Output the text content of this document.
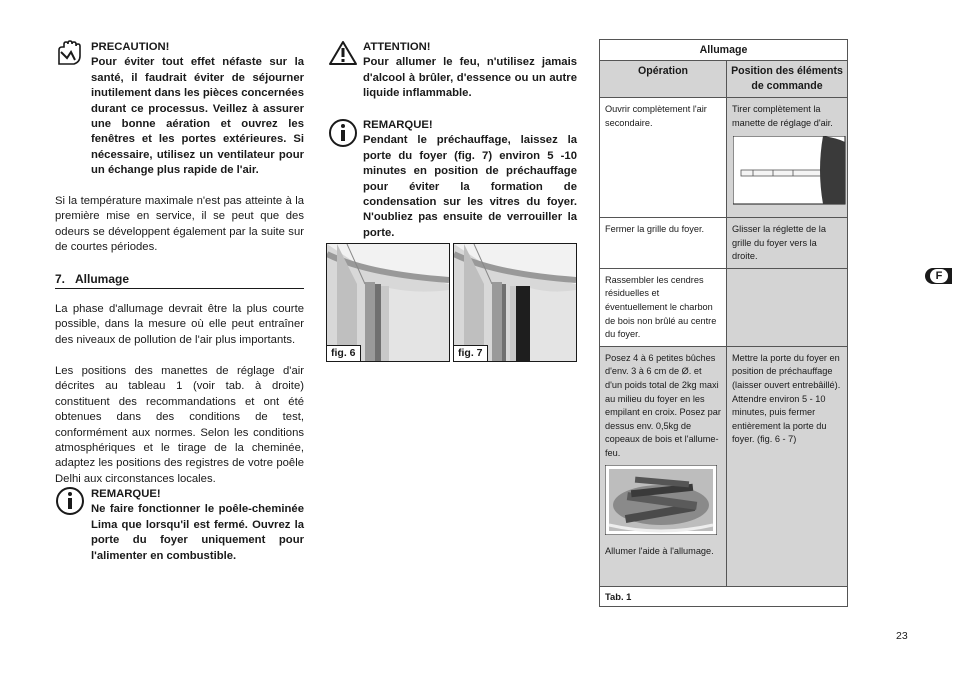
PRECAUTION!

Pour éviter tout effet néfaste sur la santé, il faudrait éviter de séjourner inutilement dans les pièces concernées durant ce processus. Veillez à assurer une bonne aération et ouvrez les fenêtres et les portes extérieures. Si nécessaire, utilisez un ventilateur pour un échange plus rapide de l'air.

Si la température maximale n'est pas atteinte à la première mise en service, il se peut que des odeurs se développent également par la suite sur de courtes périodes.

7.   Allumage

La phase d'allumage devrait être la plus courte possible, dans la mesure où elle peut entraîner des niveaux de pollution de l'air plus importants.

Les positions des manettes de réglage d'air décrites au tableau 1 (voir tab. à droite) constituent des recommandations et ont été obtenues dans des conditions de test, conformément aux normes. Selon les conditions atmosphériques et le tirage de la cheminée, adaptez les positions des registres de votre poêle Delhi aux circonstances locales.

REMARQUE!

Ne faire fonctionner le poêle-cheminée Lima que lorsqu'il est fermé. Ouvrez la porte du foyer uniquement pour l'alimenter en combustible.

ATTENTION!

Pour allumer le feu, n'utilisez jamais d'alcool à brûler, d'essence ou un autre liquide inflammable.

REMARQUE!

Pendant le préchauffage, laissez la porte du foyer (fig. 7) environ 5 -10 minutes en position de préchauffage pour éviter la formation de condensation sur les vitres du foyer. N'oubliez pas ensuite de verrouiller la porte.

fig. 6	fig. 7
Allumage	
Opération	Position des éléments de commande

Ouvrir complètement l'air secondaire.	Tirer complètement la manette de réglage d'air.

Fermer la grille du foyer.	Glisser la réglette de la grille du foyer vers la droite.

Rassembler les cendres résiduelles et éventuellement le charbon de bois non brûlé au centre du foyer.	

Posez 4 à 6 petites bûches d'env. 3 à 6 cm de Ø. et d'un poids total de 2kg maxi au milieu du foyer en les empilant en croix. Posez par dessus env. 0,5kg de copeaux de bois et l'allume-feu.
Allumer l'aide à l'allumage.	Mettre la porte du foyer en position de préchauffage (laisser ouvert entrebâillé). Attendre environ 5 - 10 minutes, puis fermer entièrement la porte du foyer. (fig. 6 - 7)

Tab. 1	
F
23
